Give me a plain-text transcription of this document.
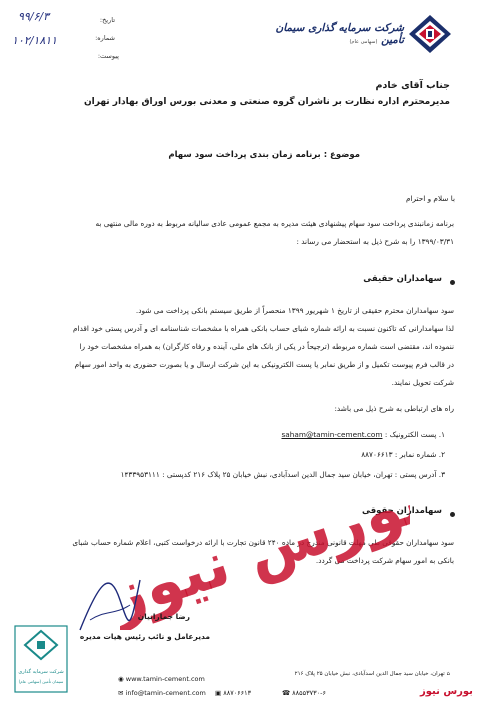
۹۹/۶/۳
۱۰۲/۱۸۱۱
تاریخ:
شماره:
پیوست:
شرکت سرمایه گذاری سیمان تأمین (سهامی عام)
جناب آقای خادم
مدیرمحترم اداره نظارت بر ناشران گروه صنعتی و معدنی بورس اوراق بهادار تهران
موضوع : برنامه زمان بندی پرداخت سود سهام
با سلام و احترام
برنامه زمانبندی پرداخت سود سهام پیشنهادی هیئت مدیره به مجمع عمومی عادی سالیانه مربوط به دوره مالی منتهی به
۱۳۹۹/۰۳/۳۱ را به شرح ذیل به استحضار می رساند :
سهامداران حقیقی
سود سهامداران محترم حقیقی از تاریخ ۱ شهریور ۱۳۹۹ منحصراً از طریق سیستم بانکی پرداخت می شود.
لذا سهامدارانی که تاکنون نسبت به ارائه شماره شبای حساب بانکی همراه با مشخصات شناسنامه ای و آدرس پستی خود اقدام
ننموده اند، مقتضی است شماره مربوطه (ترجیحاً در یکی از بانک های ملی، آینده و رفاه کارگران) به همراه مشخصات خود را
در قالب فرم پیوست تکمیل و از طریق نمابر یا پست الکترونیکی به این شرکت ارسال و یا بصورت حضوری به واحد امور سهام
شرکت تحویل نمایند.
راه های ارتباطی به شرح ذیل می باشد:
۱. پست الکترونیک : saham@tamin-cement.com
۲. شماره نمابر : ۸۸۷۰۶۶۱۳
۳. آدرس پستی : تهران، خیابان سید جمال الدین اسدآبادی، نبش خیابان ۲۵ پلاک ۲۱۶ کدپستی : ۱۴۳۳۹۵۳۱۱۱
سهامداران حقوقی
سود سهامداران حقوقی طی مهلت قانونی مندرج در ماده ۲۴۰ قانون تجارت با ارائه درخواست کتبی، اعلام شماره حساب شبای
بانکی به امور سهام شرکت پرداخت می گردد.
بورس نیوز
رضا جمارانیان
مدیرعامل و نائب رئیس هیات مدیره
شرکت سرمایه گذاری
سیمان تأمین (سهامی عام)
⌂ تهران، خیابان سید جمال الدین اسدآبادی، نبش خیابان ۲۵ پلاک ۲۱۶
◉ www.tamin-cement.com
✉ info@tamin-cement.com ▣ ۸۸۷۰۶۶۱۳	☎ ۸۸۵۵۳۷۳۰-۶	بورس نیوز
